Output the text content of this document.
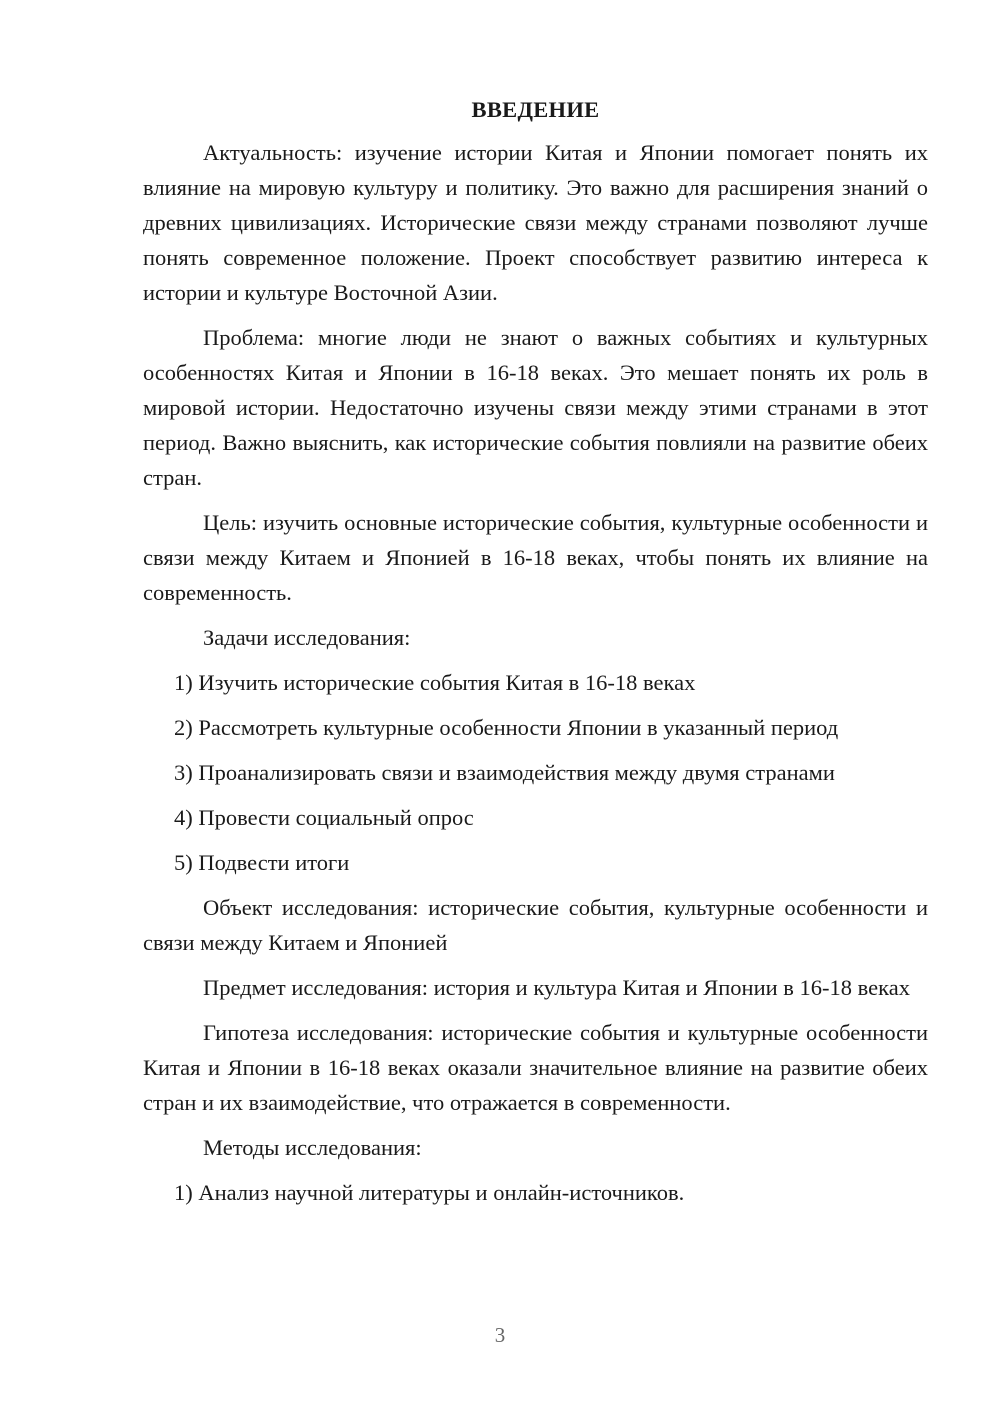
ВВЕДЕНИЕ

Актуальность: изучение истории Китая и Японии помогает понять их влияние на мировую культуру и политику. Это важно для расширения знаний о древних цивилизациях. Исторические связи между странами позволяют лучше понять современное положение. Проект способствует развитию интереса к истории и культуре Восточной Азии.

Проблема: многие люди не знают о важных событиях и культурных особенностях Китая и Японии в 16-18 веках. Это мешает понять их роль в мировой истории. Недостаточно изучены связи между этими странами в этот период. Важно выяснить, как исторические события повлияли на развитие обеих стран.

Цель: изучить основные исторические события, культурные особенности и связи между Китаем и Японией в 16-18 веках, чтобы понять их влияние на современность.

Задачи исследования:

1) Изучить исторические события Китая в 16-18 веках
2) Рассмотреть культурные особенности Японии в указанный период
3) Проанализировать связи и взаимодействия между двумя странами
4) Провести социальный опрос
5) Подвести итоги

Объект исследования: исторические события, культурные особенности и связи между Китаем и Японией

Предмет исследования: история и культура Китая и Японии в 16-18 веках

Гипотеза исследования: исторические события и культурные особенности Китая и Японии в 16-18 веках оказали значительное влияние на развитие обеих стран и их взаимодействие, что отражается в современности.

Методы исследования:

1) Анализ научной литературы и онлайн-источников.
3
